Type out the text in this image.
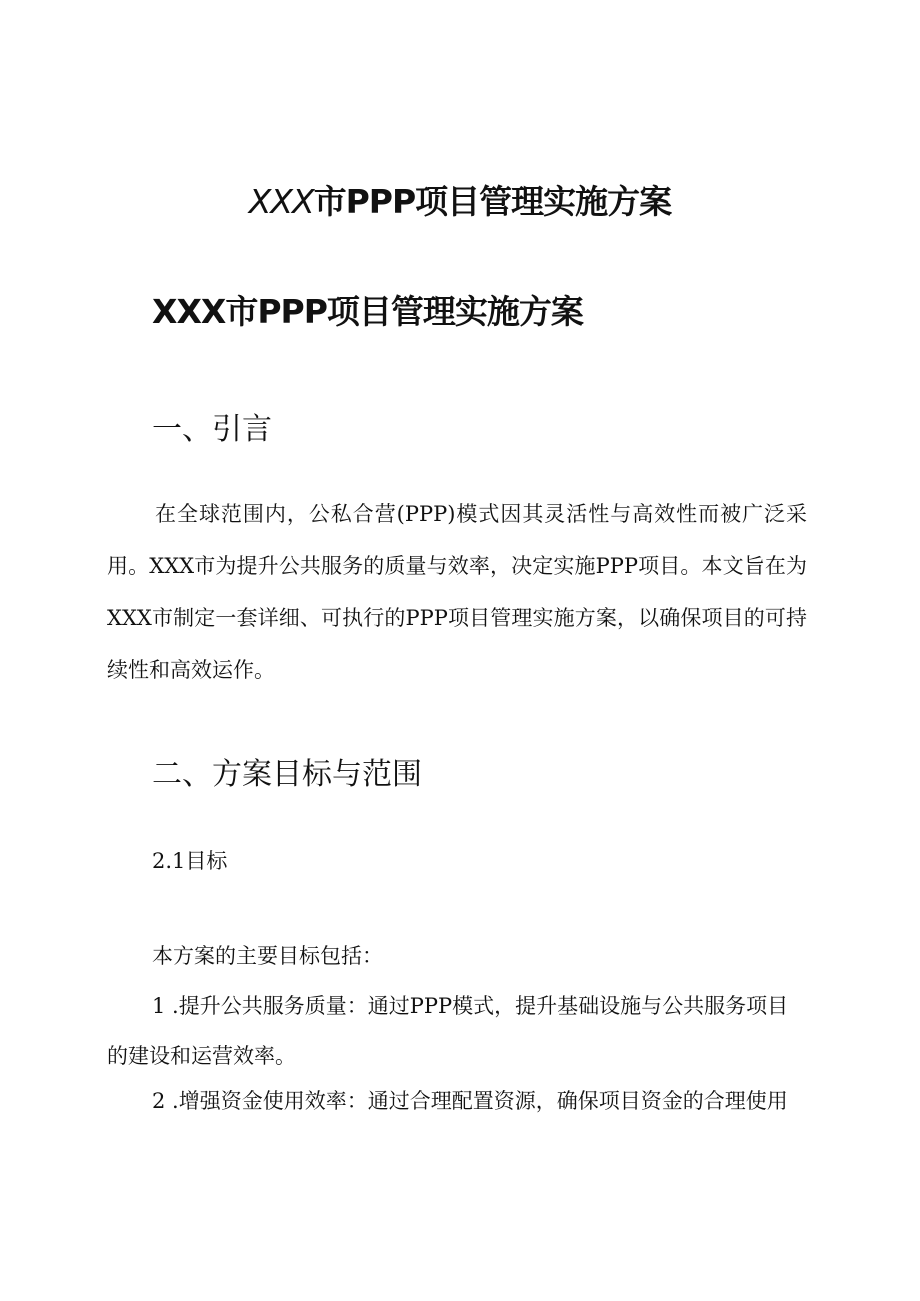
XXX市PPP项目管理实施方案
XXX市PPP项目管理实施方案
一、引言

在全球范围内，公私合营(PPP)模式因其灵活性与高效性而被广泛采用。XXX市为提升公共服务的质量与效率，决定实施PPP项目。本文旨在为XXX市制定一套详细、可执行的PPP项目管理实施方案，以确保项目的可持续性和高效运作。

二、方案目标与范围

2.1目标

本方案的主要目标包括：

1 .提升公共服务质量：通过PPP模式，提升基础设施与公共服务项目

的建设和运营效率。

2 .增强资金使用效率：通过合理配置资源，确保项目资金的合理使用
